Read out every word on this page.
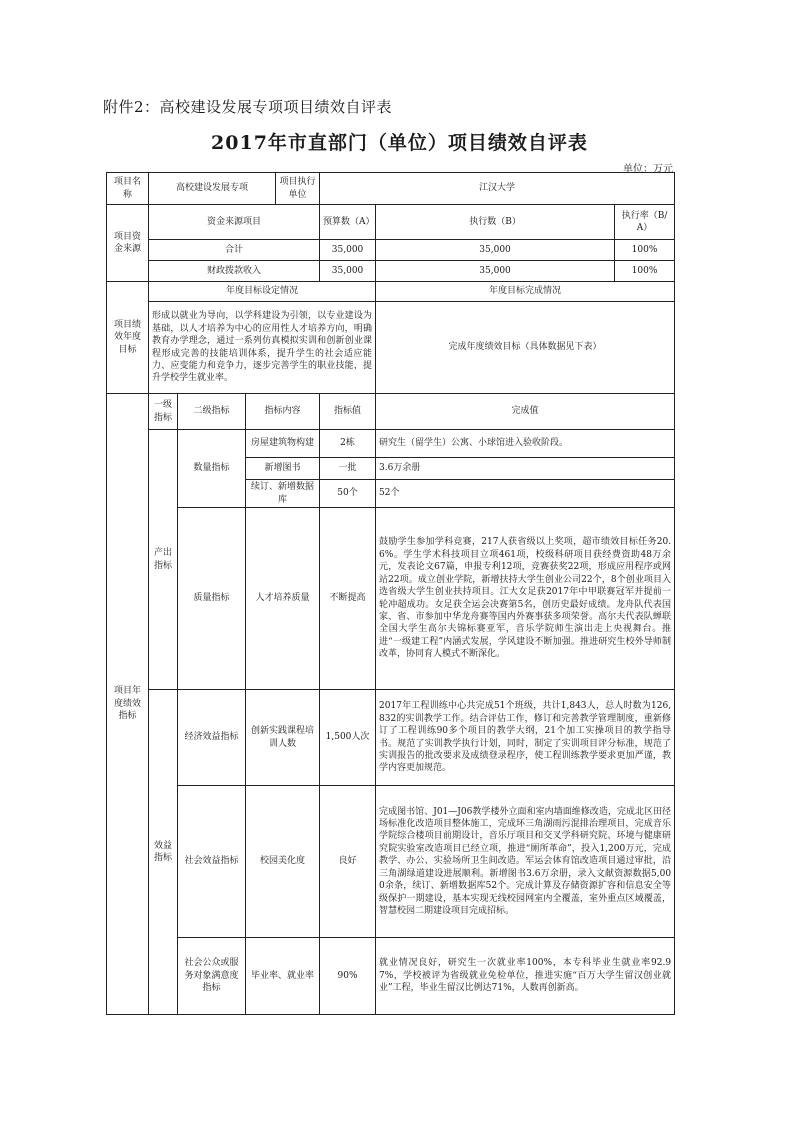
附件2：高校建设发展专项项目绩效自评表
2017年市直部门（单位）项目绩效自评表
单位：万元
项目名称	高校建设发展专项			项目执行单位	江汉大学		
项目资金来源	资金来源项目				预算数（A）	执行数（B）	执行率（B/A）
	合计				35,000	35,000	100%
	财政拨款收入				35,000	35,000	100%
项目绩效年度目标	年度目标设定情况					年度目标完成情况	
	形成以就业为导向，以学科建设为引领，以专业建设为基础，以人才培养为中心的应用性人才培养方向，明确教育办学理念，通过一系列仿真模拟实训和创新创业课程形成完善的技能培训体系，提升学生的社会适应能力、应变能力和竞争力，逐步完善学生的职业技能，提升学校学生就业率。					完成年度绩效目标（具体数据见下表）	
项目年度绩效指标	一级指标	二级指标	指标内容		指标值	完成值	
	产出指标	数量指标	房屋建筑物构建		2栋	研究生（留学生）公寓、小球馆进入验收阶段。	
			新增图书		一批	3.6万余册	
			续订、新增数据库		50个	52个	
		质量指标	人才培养质量		不断提高	鼓励学生参加学科竞赛，217人获省级以上奖项，超市绩效目标任务20.6%。学生学术科技项目立项461项，校级科研项目获经费资助48万余元，发表论文67篇，申报专利12项，竞赛获奖22项，形成应用程序或网站22项。成立创业学院，新增扶持大学生创业公司22个，8个创业项目入选省级大学生创业扶持项目。江大女足获2017年中甲联赛冠军并提前一轮冲超成功。女足获全运会决赛第5名，创历史最好成绩。龙舟队代表国家、省、市参加中华龙舟赛等国内外赛事获多项荣誉。高尔夫代表队蝉联全国大学生高尔夫锦标赛亚军，音乐学院师生演出走上央视舞台。推进“一级建工程”内涵式发展，学风建设不断加强。推进研究生校外导师制改革，协同育人模式不断深化。	
	效益指标	经济效益指标	创新实践课程培训人数		1,500人次	2017年工程训练中心共完成51个班级，共计1,843人，总人时数为126,832的实训教学工作。结合评估工作，修订和完善教学管理制度，重新修订了工程训练90多个项目的教学大纲，21个加工实操项目的教学指导书。规范了实训教学执行计划，同时，制定了实训项目评分标准，规范了实训报告的批改要求及成绩登录程序，使工程训练教学要求更加严谨，教学内容更加规范。	
		社会效益指标	校园美化度		良好	完成图书馆、J01—J06教学楼外立面和室内墙面维修改造，完成北区田径场标准化改造项目整体施工，完成环三角湖雨污混排治理项目，完成音乐学院综合楼项目前期设计，音乐厅项目和交叉学科研究院、环境与健康研究院实验室改造项目已经立项，推进“厕所革命”，投入1,200万元，完成教学、办公、实验场所卫生间改造。军运会体育馆改造项目通过审批，沿三角湖绿道建设进展顺利。新增图书3.6万余册，录入文献资源数据5,000余条，续订、新增数据库52个。完成计算及存储资源扩容和信息安全等级保护一期建设，基本实现无线校园网室内全覆盖，室外重点区域覆盖，智慧校园二期建设项目完成招标。	
		社会公众或服务对象满意度指标	毕业率、就业率		90%	就业情况良好，研究生一次就业率100%，本专科毕业生就业率92.97%，学校被评为省级就业免检单位，推进实施“百万大学生留汉创业就业”工程，毕业生留汉比例达71%，人数再创新高。	
